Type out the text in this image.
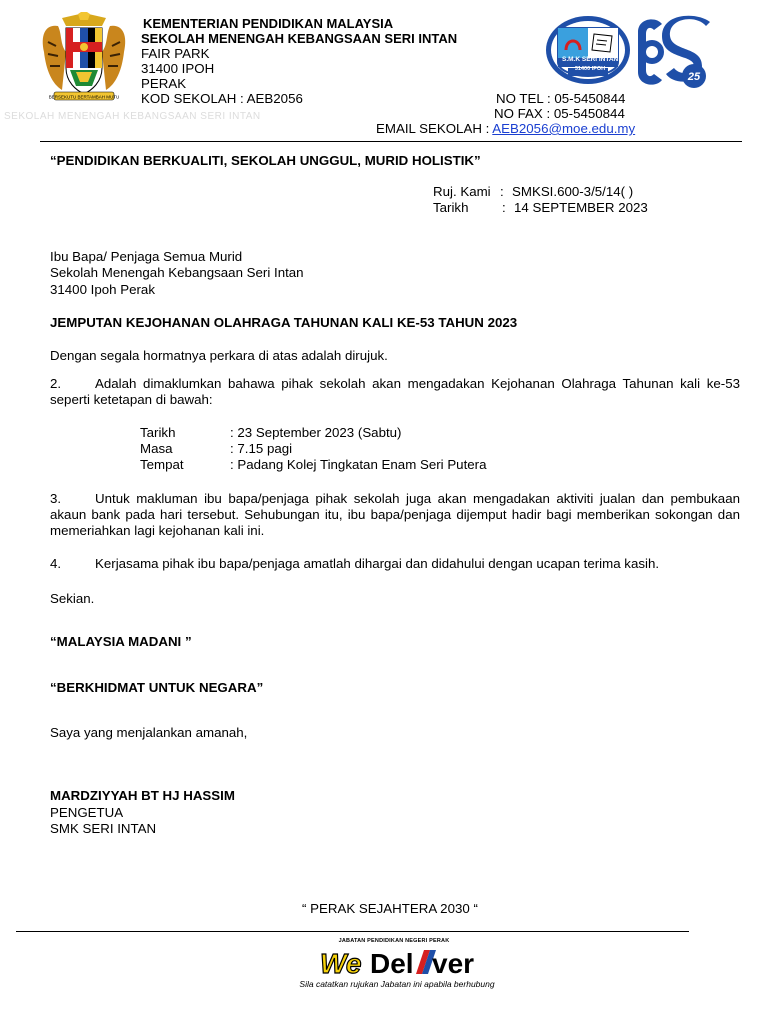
BERSEKUTU BERTAMBAH MUTU
KEMENTERIAN PENDIDIKAN MALAYSIA
SEKOLAH MENENGAH KEBANGSAAN SERI INTAN
FAIR PARK
31400 IPOH
PERAK
KOD SEKOLAH : AEB2056
SEKOLAH MENENGAH KEBANGSAAN SERI INTAN
NO TEL : 05-5450844
NO FAX : 05-5450844
EMAIL SEKOLAH : AEB2056@moe.edu.my
S.M.K SERI INTAN
31400 IPOH
25
“PENDIDIKAN BERKUALITI, SEKOLAH UNGGUL, MURID HOLISTIK”
Ruj. Kami : SMKSI.600-3/5/14( )
Tarikh	: 14 SEPTEMBER 2023
Ibu Bapa/ Penjaga Semua Murid
Sekolah Menengah Kebangsaan Seri Intan
31400 Ipoh Perak
JEMPUTAN KEJOHANAN OLAHRAGA TAHUNAN KALI KE-53 TAHUN 2023
Dengan segala hormatnya perkara di atas adalah dirujuk.
2.	Adalah dimaklumkan bahawa pihak sekolah akan mengadakan Kejohanan Olahraga Tahunan kali ke-53 seperti ketetapan di bawah:
Tarikh	: 23 September 2023 (Sabtu)
Masa	: 7.15 pagi
Tempat	: Padang Kolej Tingkatan Enam Seri Putera
3.	Untuk makluman ibu bapa/penjaga pihak sekolah juga akan mengadakan aktiviti jualan dan pembukaan akaun bank pada hari tersebut. Sehubungan itu, ibu bapa/penjaga dijemput hadir bagi memberikan sokongan dan memeriahkan lagi kejohanan kali ini.
4.	Kerjasama pihak ibu bapa/penjaga amatlah dihargai dan didahului dengan ucapan terima kasih.
Sekian.
“MALAYSIA MADANI ”
“BERKHIDMAT UNTUK NEGARA”
Saya yang menjalankan amanah,
MARDZIYYAH BT HJ HASSIM
PENGETUA
SMK SERI INTAN
“ PERAK SEJAHTERA 2030 “
JABATAN PENDIDIKAN NEGERI PERAK
We Del ver
Sila catatkan rujukan Jabatan ini apabila berhubung
